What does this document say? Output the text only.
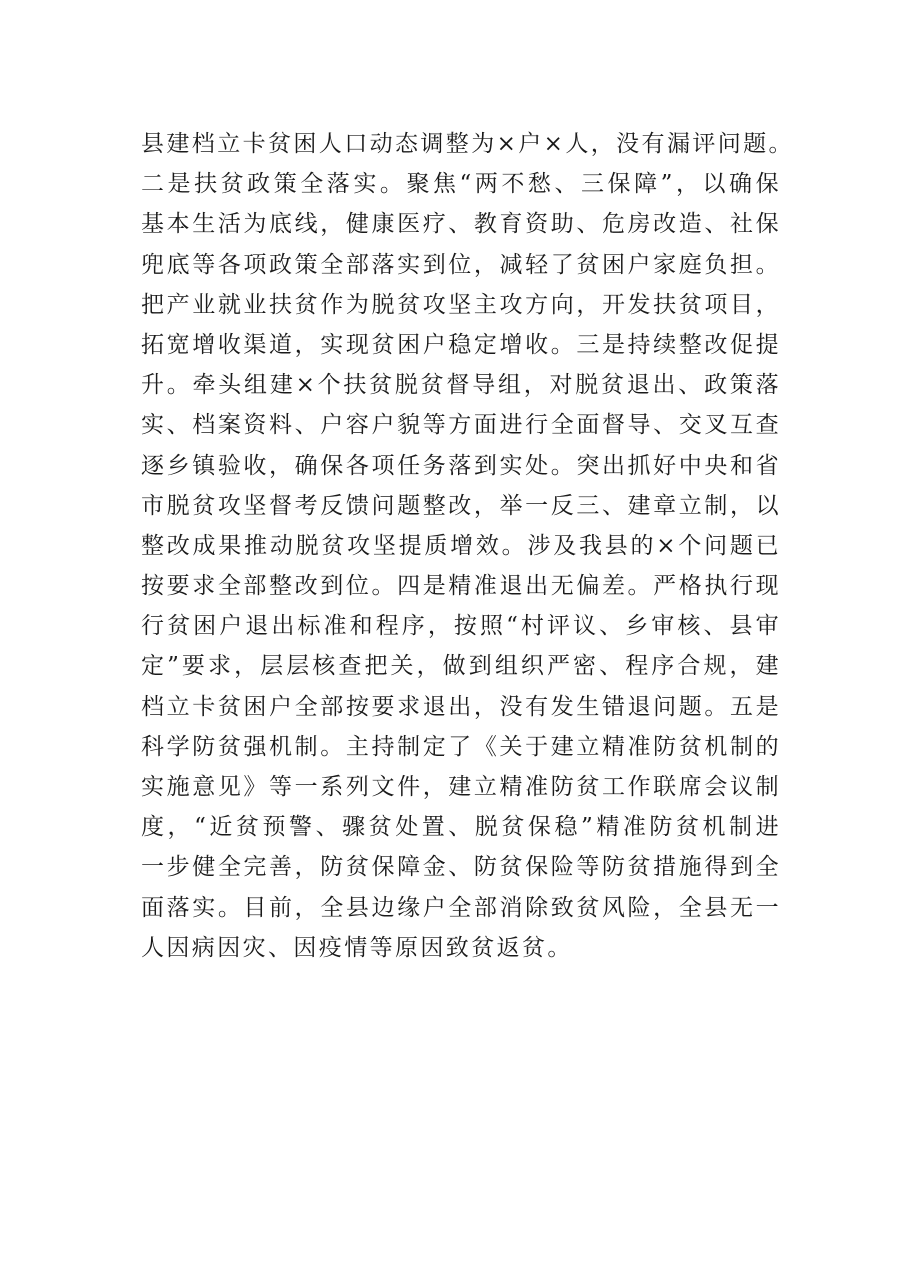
县建档立卡贫困人口动态调整为×户×人，没有漏评问题。
二是扶贫政策全落实。聚焦“两不愁、三保障”，以确保
基本生活为底线，健康医疗、教育资助、危房改造、社保
兜底等各项政策全部落实到位，减轻了贫困户家庭负担。
把产业就业扶贫作为脱贫攻坚主攻方向，开发扶贫项目，
拓宽增收渠道，实现贫困户稳定增收。三是持续整改促提
升。牵头组建×个扶贫脱贫督导组，对脱贫退出、政策落
实、档案资料、户容户貌等方面进行全面督导、交叉互查
逐乡镇验收，确保各项任务落到实处。突出抓好中央和省
市脱贫攻坚督考反馈问题整改，举一反三、建章立制，以
整改成果推动脱贫攻坚提质增效。涉及我县的×个问题已
按要求全部整改到位。四是精准退出无偏差。严格执行现
行贫困户退出标准和程序，按照“村评议、乡审核、县审
定”要求，层层核查把关，做到组织严密、程序合规，建
档立卡贫困户全部按要求退出，没有发生错退问题。五是
科学防贫强机制。主持制定了《关于建立精准防贫机制的
实施意见》等一系列文件，建立精准防贫工作联席会议制
度，“近贫预警、骤贫处置、脱贫保稳”精准防贫机制进
一步健全完善，防贫保障金、防贫保险等防贫措施得到全
面落实。目前，全县边缘户全部消除致贫风险，全县无一
人因病因灾、因疫情等原因致贫返贫。
